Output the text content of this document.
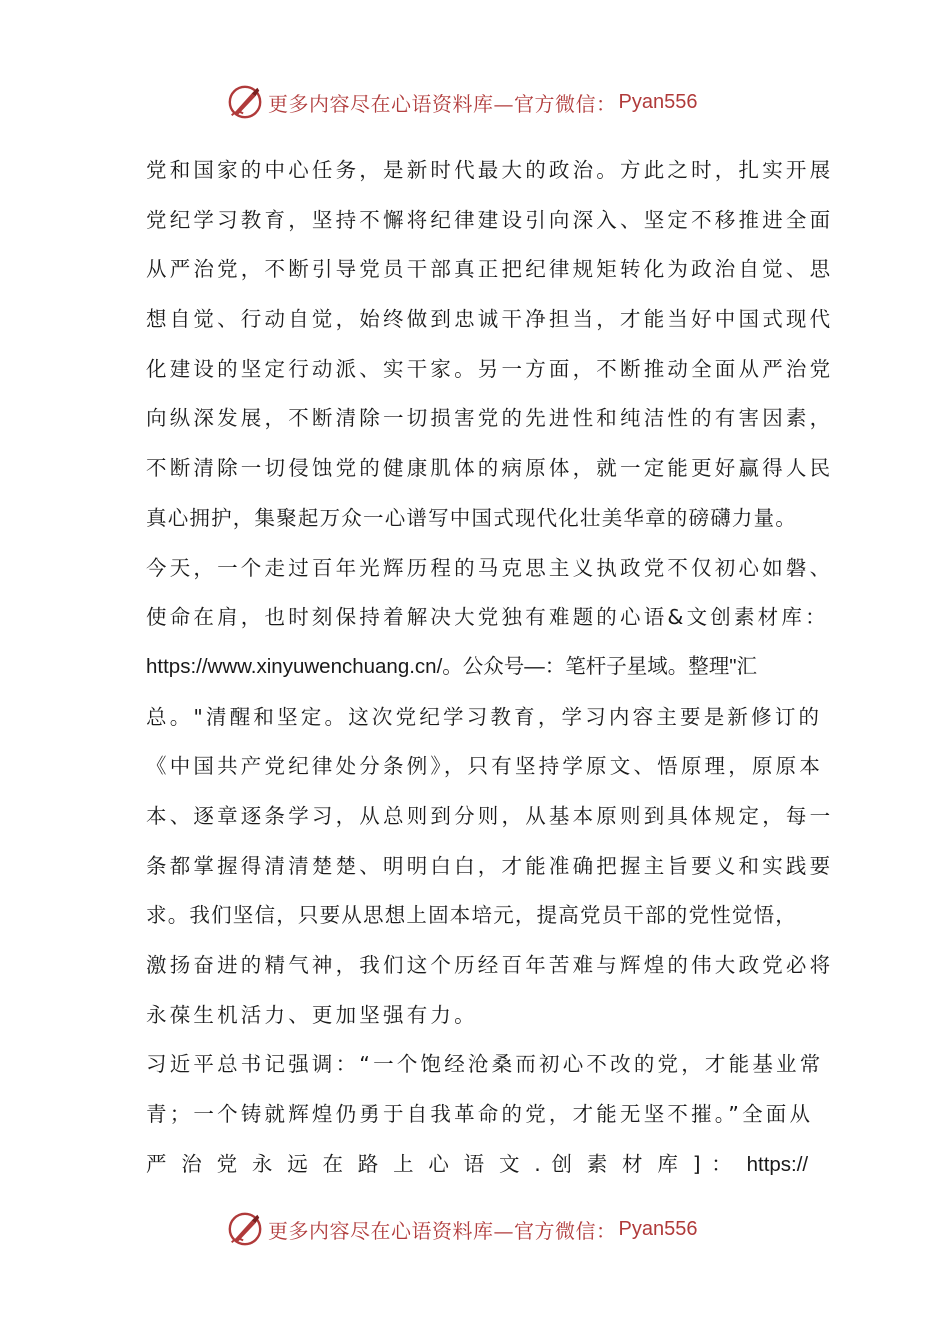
更多内容尽在心语资料库—官方微信： Pyan556
党和国家的中心任务，是新时代最大的政治。方此之时，扎实开展
党纪学习教育，坚持不懈将纪律建设引向深入、坚定不移推进全面
从严治党，不断引导党员干部真正把纪律规矩转化为政治自觉、思
想自觉、行动自觉，始终做到忠诚干净担当，才能当好中国式现代
化建设的坚定行动派、实干家。另一方面，不断推动全面从严治党
向纵深发展，不断清除一切损害党的先进性和纯洁性的有害因素，
不断清除一切侵蚀党的健康肌体的病原体，就一定能更好赢得人民
真心拥护，集聚起万众一心谱写中国式现代化壮美华章的磅礴力量。
今天，一个走过百年光辉历程的马克思主义执政党不仅初心如磐、
使命在肩，也时刻保持着解决大党独有难题的心语&文创素材库：
https://www.xinyuwenchuang.cn/。公众号—：笔杆子星域。整理"汇
总。"清醒和坚定。这次党纪学习教育，学习内容主要是新修订的
《中国共产党纪律处分条例》，只有坚持学原文、悟原理，原原本
本、逐章逐条学习，从总则到分则，从基本原则到具体规定，每一
条都掌握得清清楚楚、明明白白，才能准确把握主旨要义和实践要
求。我们坚信，只要从思想上固本培元，提高党员干部的党性觉悟，
激扬奋进的精气神，我们这个历经百年苦难与辉煌的伟大政党必将
永葆生机活力、更加坚强有力。
习近平总书记强调：“一个饱经沧桑而初心不改的党，才能基业常
青；一个铸就辉煌仍勇于自我革命的党，才能无坚不摧。”全面从
严 治 党 永 远 在 路 上 心 语 文 . 创 素 材 库 ] ： https://
更多内容尽在心语资料库—官方微信： Pyan556
